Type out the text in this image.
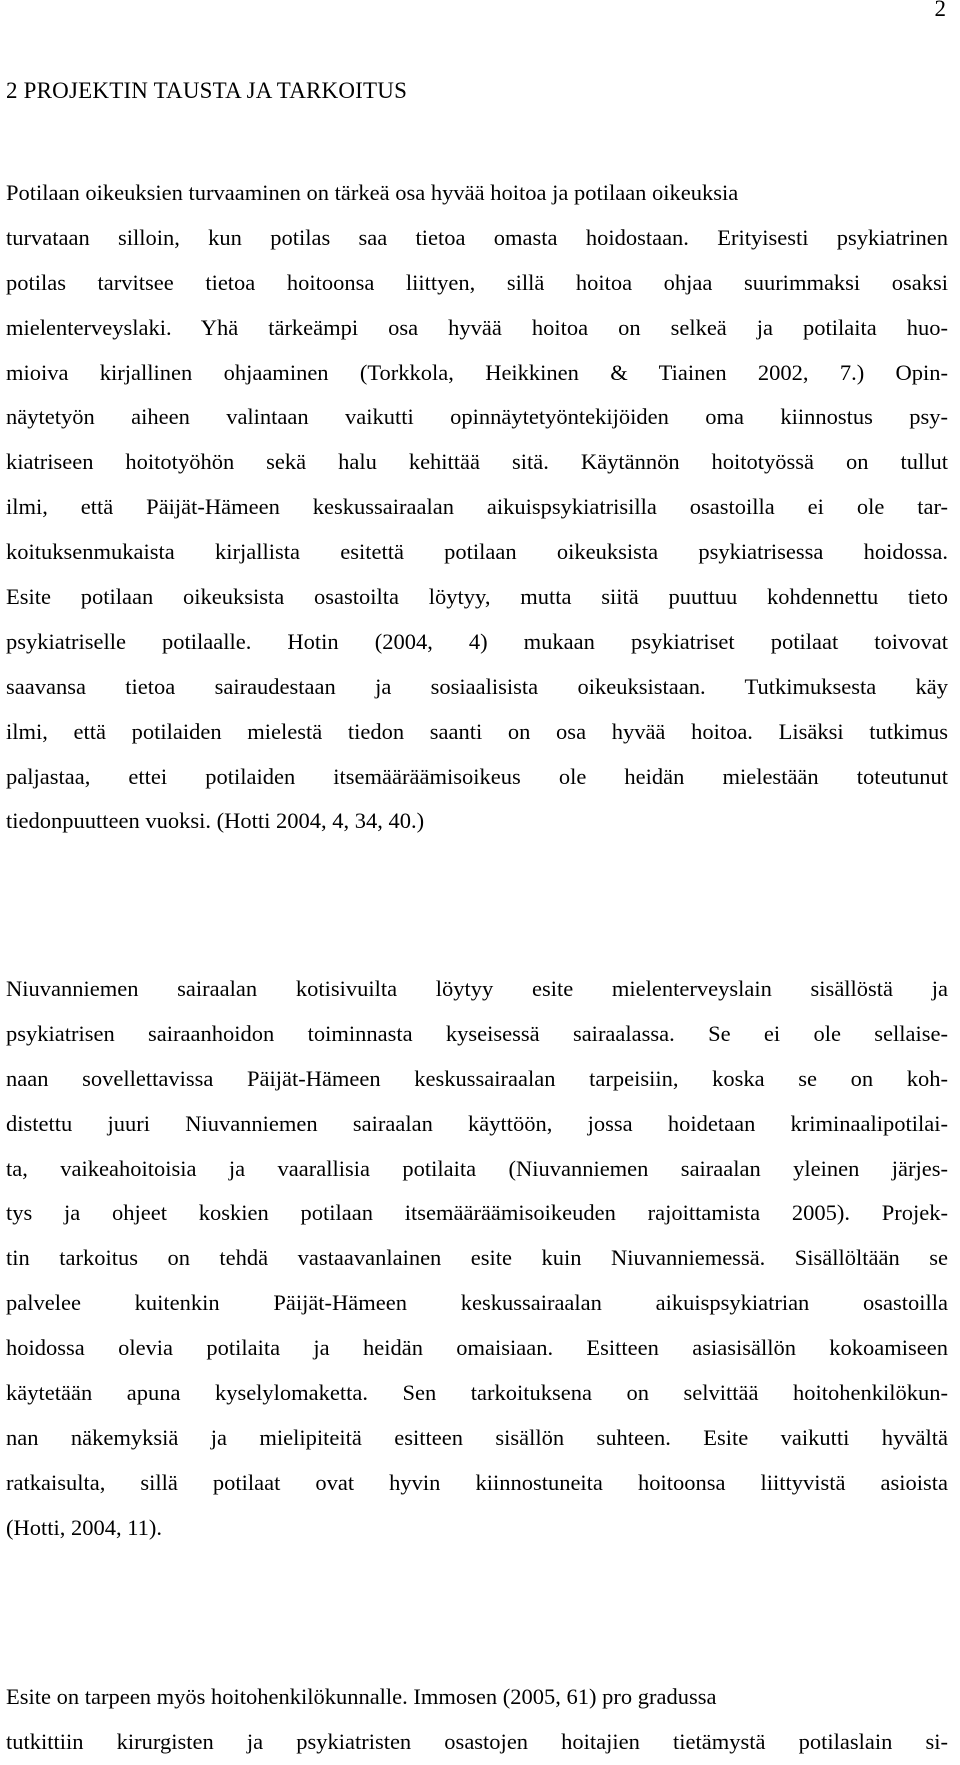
2
2 PROJEKTIN TAUSTA JA TARKOITUS
Potilaan oikeuksien turvaaminen on tärkeä osa hyvää hoitoa ja potilaan oikeuksia
turvataan silloin, kun potilas saa tietoa omasta hoidostaan. Erityisesti psykiatrinen
potilas tarvitsee tietoa hoitoonsa liittyen, sillä hoitoa ohjaa suurimmaksi osaksi
mielenterveyslaki. Yhä tärkeämpi osa hyvää hoitoa on selkeä ja potilaita huo-
mioiva kirjallinen ohjaaminen (Torkkola, Heikkinen & Tiainen 2002, 7.) Opin-
näytetyön aiheen valintaan vaikutti opinnäytetyöntekijöiden oma kiinnostus psy-
kiatriseen hoitotyöhön sekä halu kehittää sitä. Käytännön hoitotyössä on tullut
ilmi, että Päijät-Hämeen keskussairaalan aikuispsykiatrisilla osastoilla ei ole tar-
koituksenmukaista kirjallista esitettä potilaan oikeuksista psykiatrisessa hoidossa.
Esite potilaan oikeuksista osastoilta löytyy, mutta siitä puuttuu kohdennettu tieto
psykiatriselle potilaalle. Hotin (2004, 4) mukaan psykiatriset potilaat toivovat
saavansa tietoa sairaudestaan ja sosiaalisista oikeuksistaan. Tutkimuksesta käy
ilmi, että potilaiden mielestä tiedon saanti on osa hyvää hoitoa. Lisäksi tutkimus
paljastaa, ettei potilaiden itsemääräämisoikeus ole heidän mielestään toteutunut
tiedonpuutteen vuoksi. (Hotti 2004, 4, 34, 40.)
Niuvanniemen sairaalan kotisivuilta löytyy esite mielenterveyslain sisällöstä ja
psykiatrisen sairaanhoidon toiminnasta kyseisessä sairaalassa. Se ei ole sellaise-
naan sovellettavissa Päijät-Hämeen keskussairaalan tarpeisiin, koska se on koh-
distettu juuri Niuvanniemen sairaalan käyttöön, jossa hoidetaan kriminaalipotilai-
ta, vaikeahoitoisia ja vaarallisia potilaita (Niuvanniemen sairaalan yleinen järjes-
tys ja ohjeet koskien potilaan itsemääräämisoikeuden rajoittamista 2005). Projek-
tin tarkoitus on tehdä vastaavanlainen esite kuin Niuvanniemessä. Sisällöltään se
palvelee kuitenkin Päijät-Hämeen keskussairaalan aikuispsykiatrian osastoilla
hoidossa olevia potilaita ja heidän omaisiaan. Esitteen asiasisällön kokoamiseen
käytetään apuna kyselylomaketta. Sen tarkoituksena on selvittää hoitohenkilökun-
nan näkemyksiä ja mielipiteitä esitteen sisällön suhteen. Esite vaikutti hyvältä
ratkaisulta, sillä potilaat ovat hyvin kiinnostuneita hoitoonsa liittyvistä asioista
(Hotti, 2004, 11).
Esite on tarpeen myös hoitohenkilökunnalle. Immosen (2005, 61) pro gradussa
tutkittiin kirurgisten ja psykiatristen osastojen hoitajien tietämystä potilaslain si-
